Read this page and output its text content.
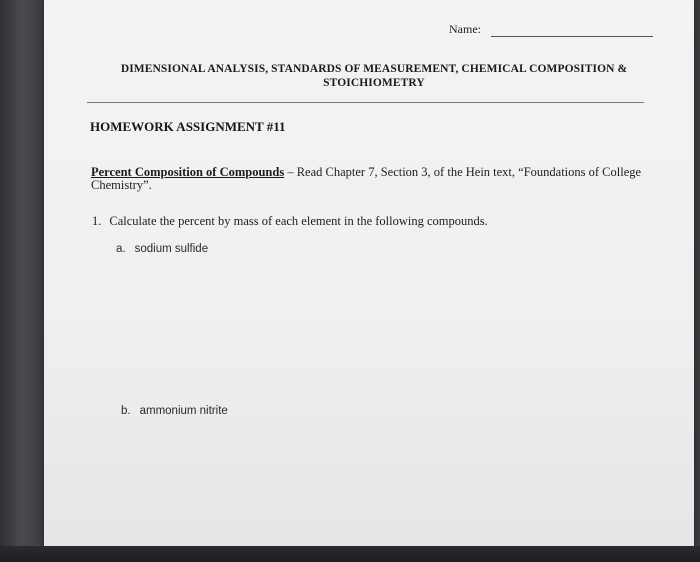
Name:
DIMENSIONAL ANALYSIS, STANDARDS OF MEASUREMENT, CHEMICAL COMPOSITION &
STOICHIOMETRY
HOMEWORK ASSIGNMENT #11
Percent Composition of Compounds – Read Chapter 7, Section 3, of the Hein text, “Foundations of College Chemistry”.
1. Calculate the percent by mass of each element in the following compounds.
a. sodium sulfide
b. ammonium nitrite
